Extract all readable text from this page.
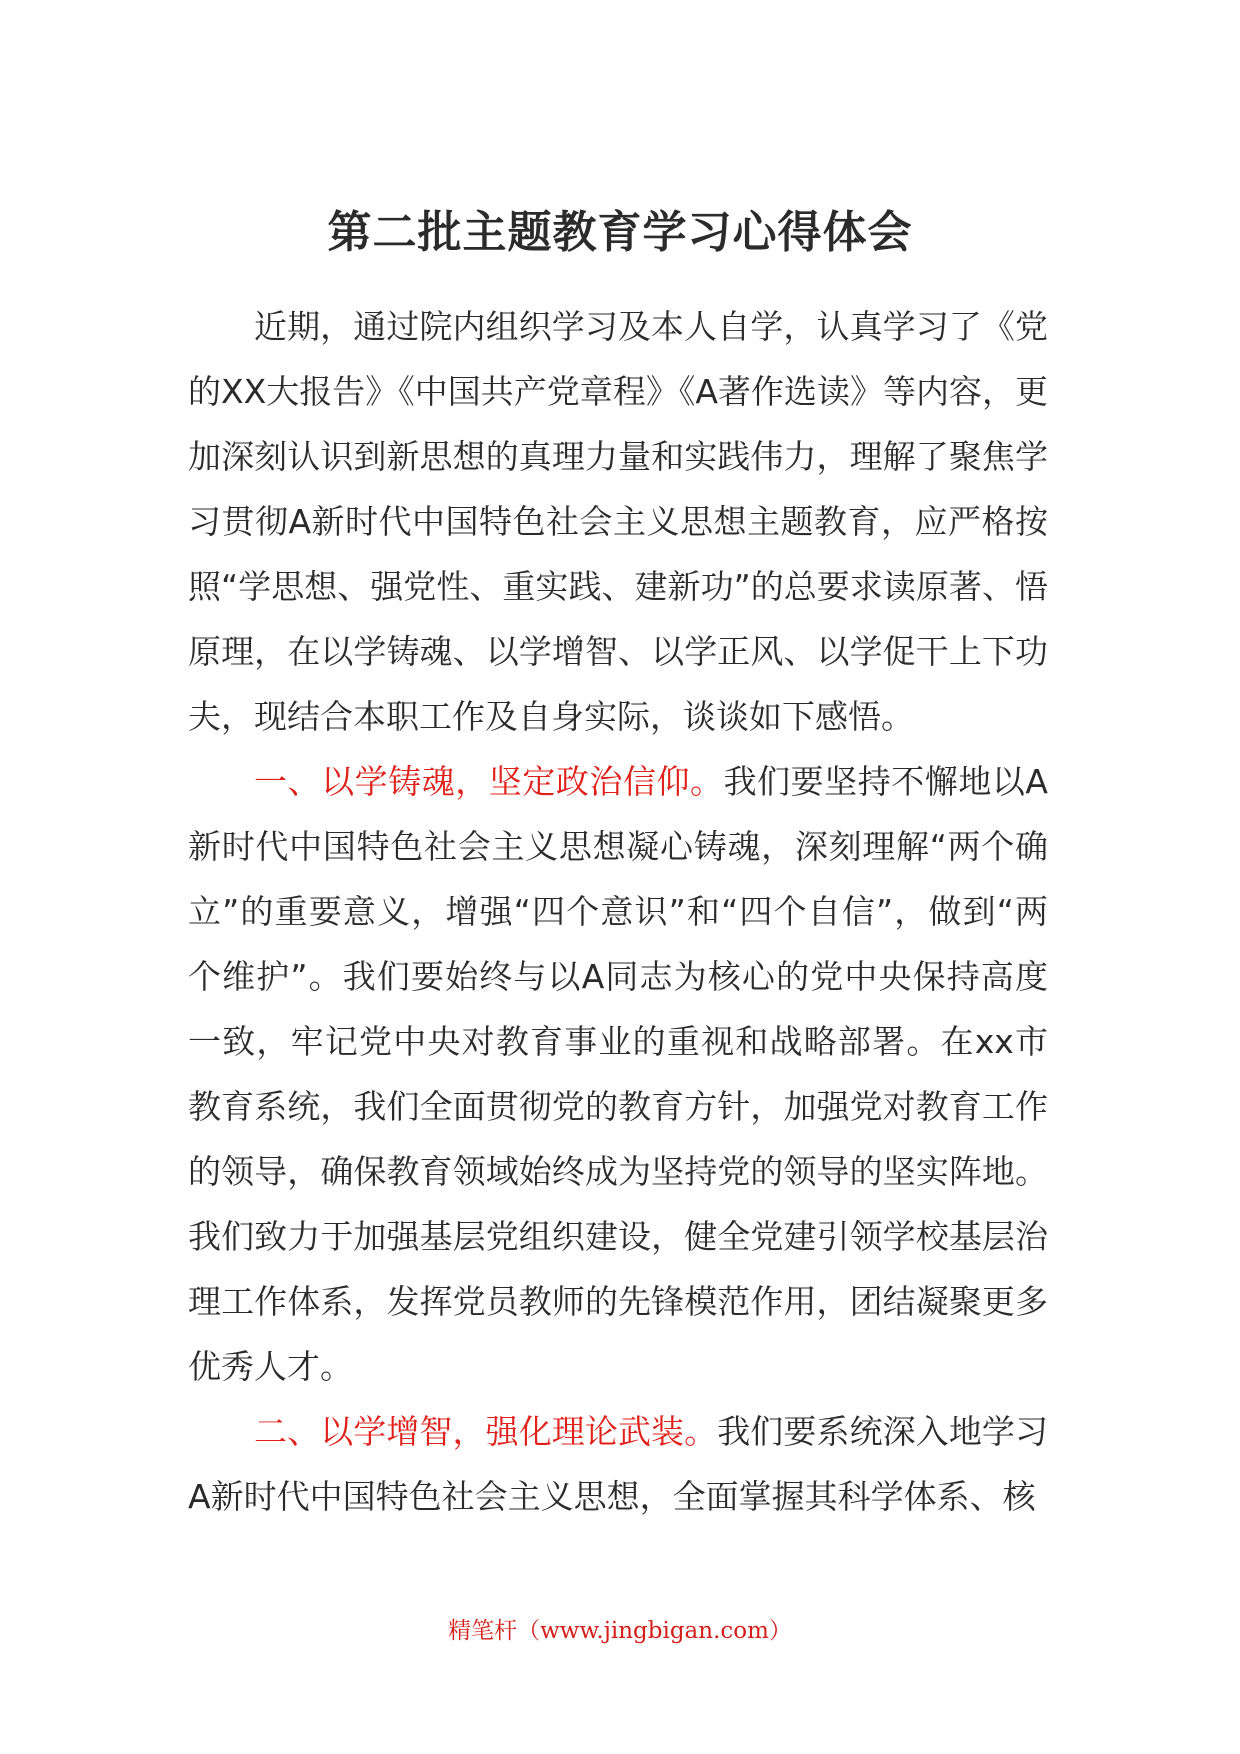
第二批主题教育学习心得体会

近期，通过院内组织学习及本人自学，认真学习了《党的XX大报告》《中国共产党章程》《A著作选读》等内容，更加深刻认识到新思想的真理力量和实践伟力，理解了聚焦学习贯彻A新时代中国特色社会主义思想主题教育，应严格按照“学思想、强党性、重实践、建新功”的总要求读原著、悟原理，在以学铸魂、以学增智、以学正风、以学促干上下功夫，现结合本职工作及自身实际，谈谈如下感悟。

一、以学铸魂，坚定政治信仰。我们要坚持不懈地以A新时代中国特色社会主义思想凝心铸魂，深刻理解“两个确立”的重要意义，增强“四个意识”和“四个自信”，做到“两个维护”。我们要始终与以A同志为核心的党中央保持高度一致，牢记党中央对教育事业的重视和战略部署。在xx市教育系统，我们全面贯彻党的教育方针，加强党对教育工作的领导，确保教育领域始终成为坚持党的领导的坚实阵地。我们致力于加强基层党组织建设，健全党建引领学校基层治理工作体系，发挥党员教师的先锋模范作用，团结凝聚更多优秀人才。

二、以学增智，强化理论武装。我们要系统深入地学习A新时代中国特色社会主义思想，全面掌握其科学体系、核

精笔杆（www.jingbigan.com）
